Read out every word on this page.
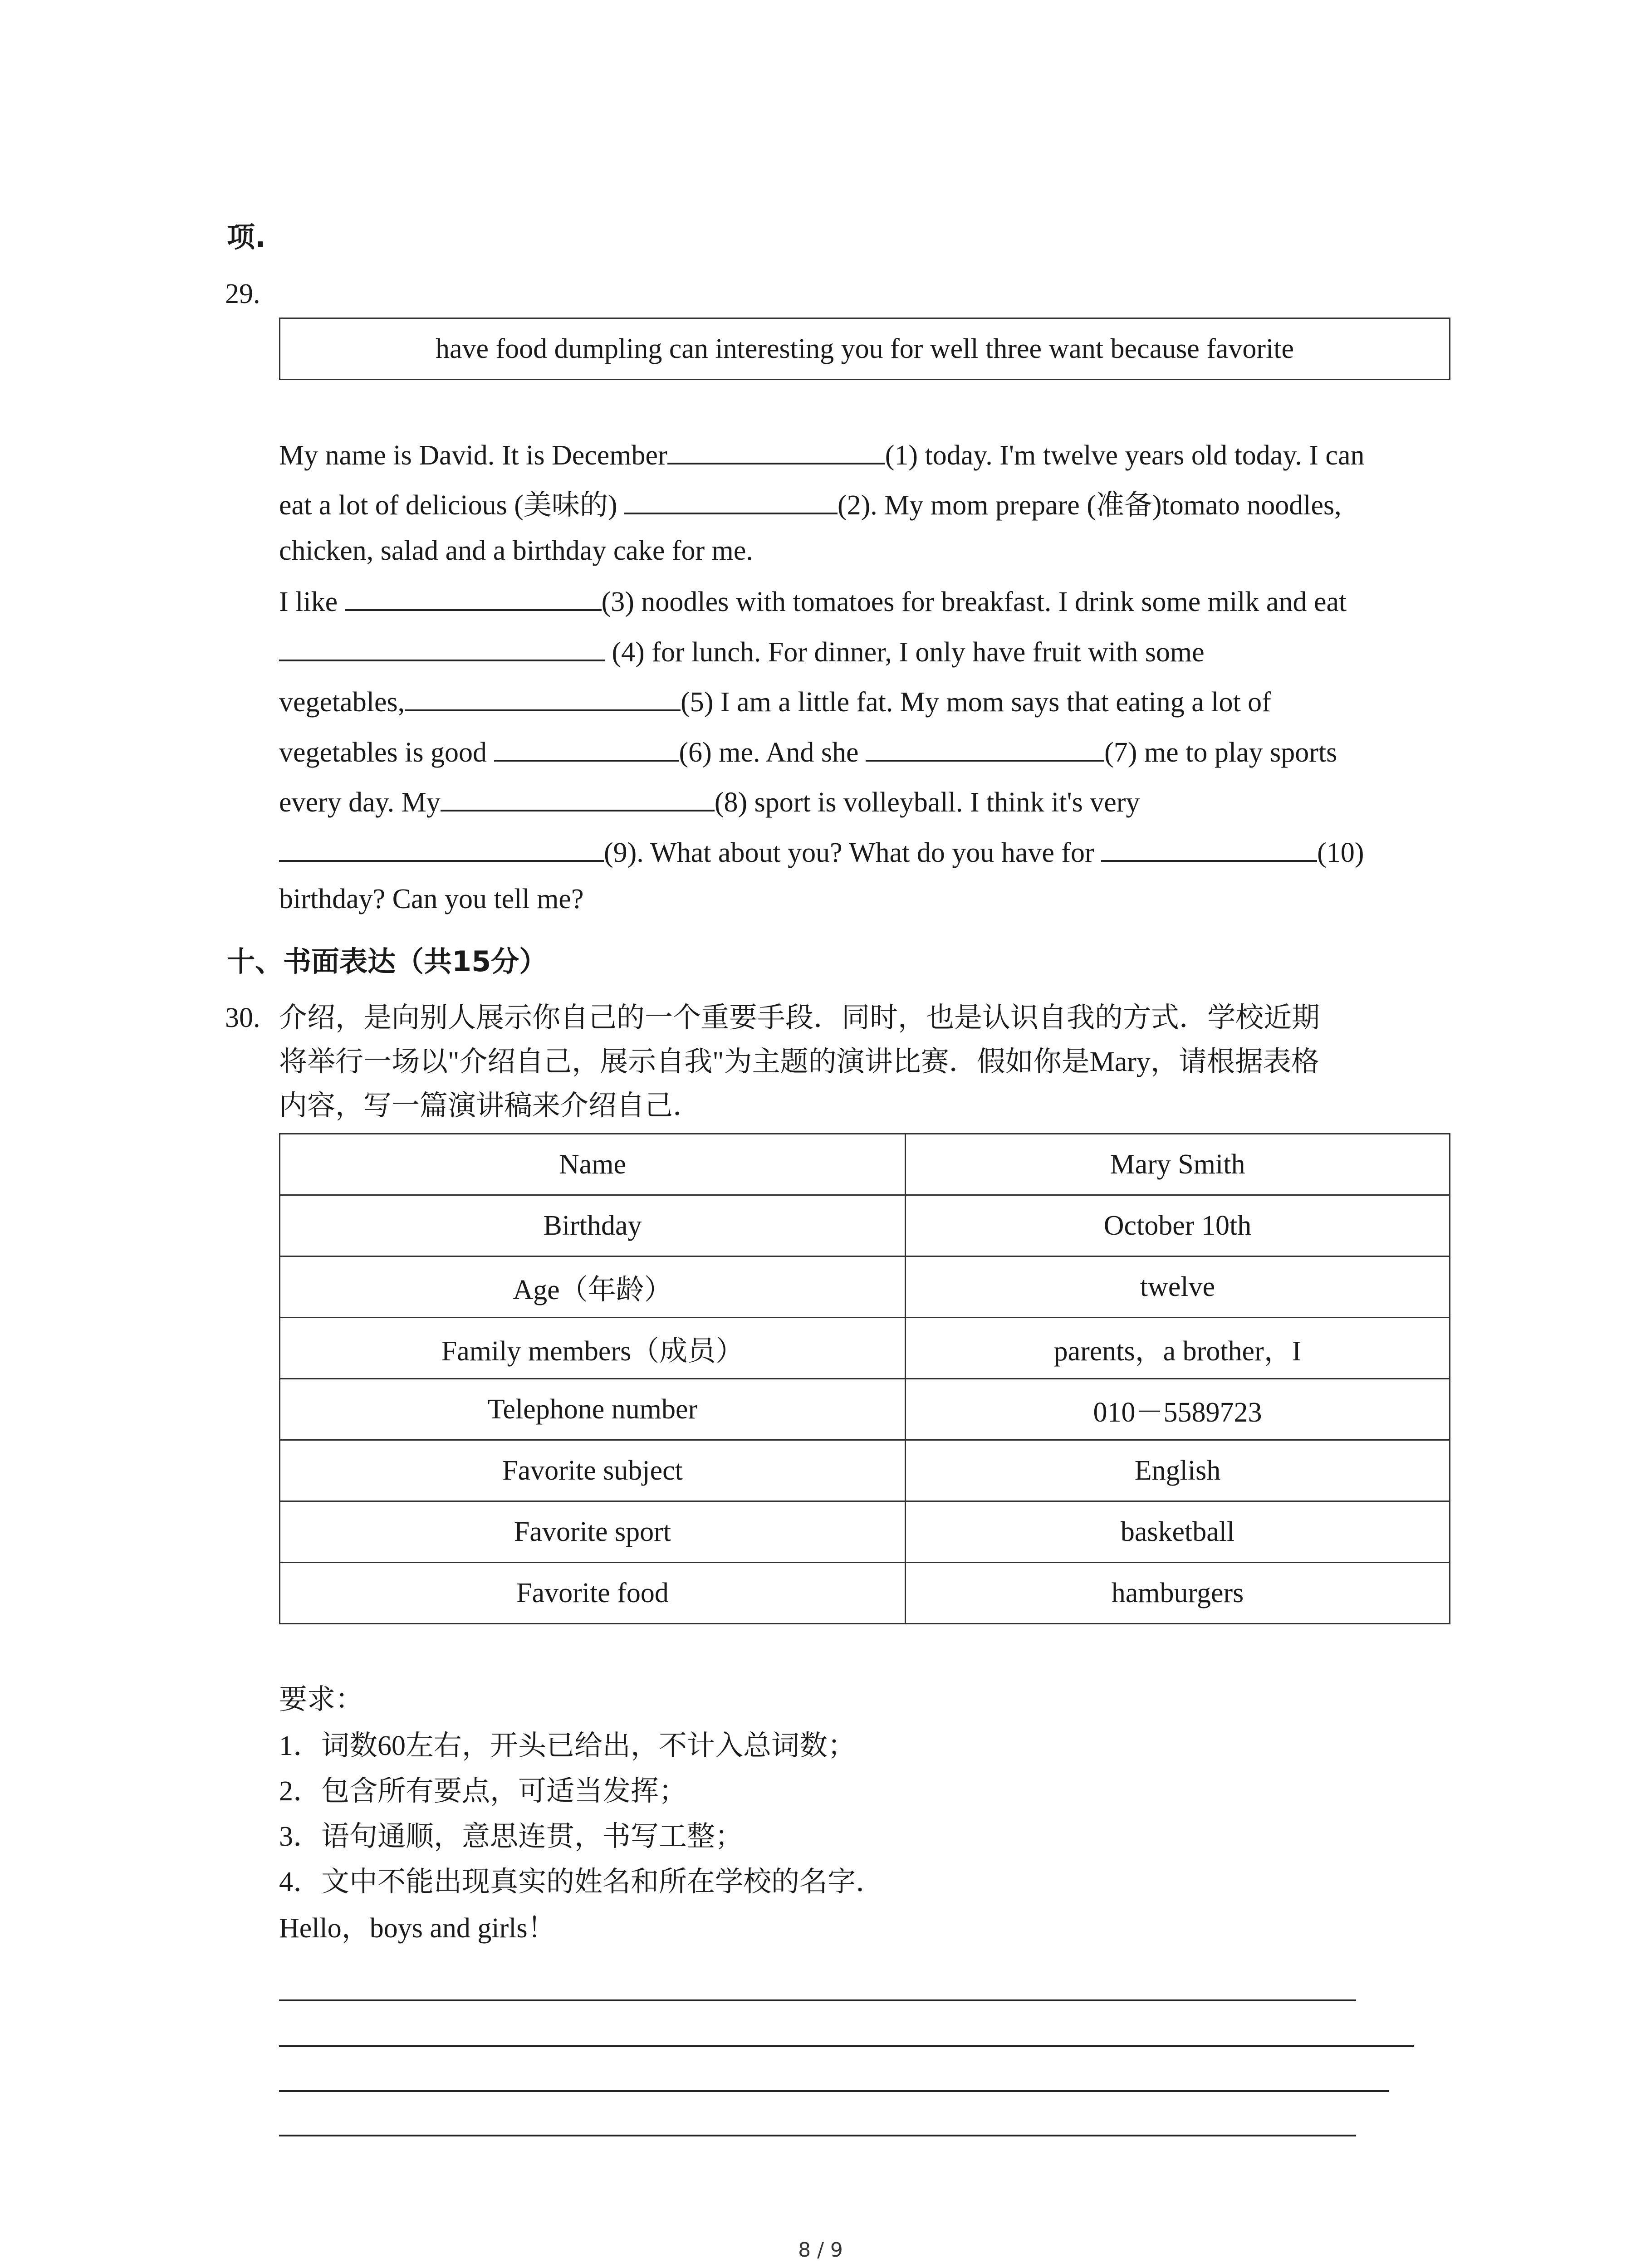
项.
29.
have food dumpling can interesting you for well three want because favorite
My name is David. It is December	(1) today. I'm twelve years old today. I can
eat a lot of delicious (美味的)	(2). My mom prepare (准备)tomato noodles,
chicken, salad and a birthday cake for me.
I like	(3) noodles with tomatoes for breakfast. I drink some milk and eat
(4) for lunch. For dinner, I only have fruit with some
vegetables,	(5) I am a little fat. My mom says that eating a lot of
vegetables is good	(6) me. And she	(7) me to play sports
every day. My	(8) sport is volleyball. I think it's very
(9). What about you? What do you have for	(10)
birthday? Can you tell me?
十、书面表达（共15分）
30. 介绍，是向别人展示你自己的一个重要手段．同时，也是认识自我的方式．学校近期
将举行一场以"介绍自己，展示自我"为主题的演讲比赛．假如你是Mary，请根据表格
内容，写一篇演讲稿来介绍自己．
Name	Mary Smith
Birthday	October 10th
Age（年龄）	twelve
Family members（成员）	parents，a brother，I
Telephone number	010－5589723
Favorite subject	English
Favorite sport	basketball
Favorite food	hamburgers
要求：
1．词数60左右，开头已给出，不计入总词数；
2．包含所有要点，可适当发挥；
3．语句通顺，意思连贯，书写工整；
4．文中不能出现真实的姓名和所在学校的名字．
Hello，boys and girls！
8 / 9
